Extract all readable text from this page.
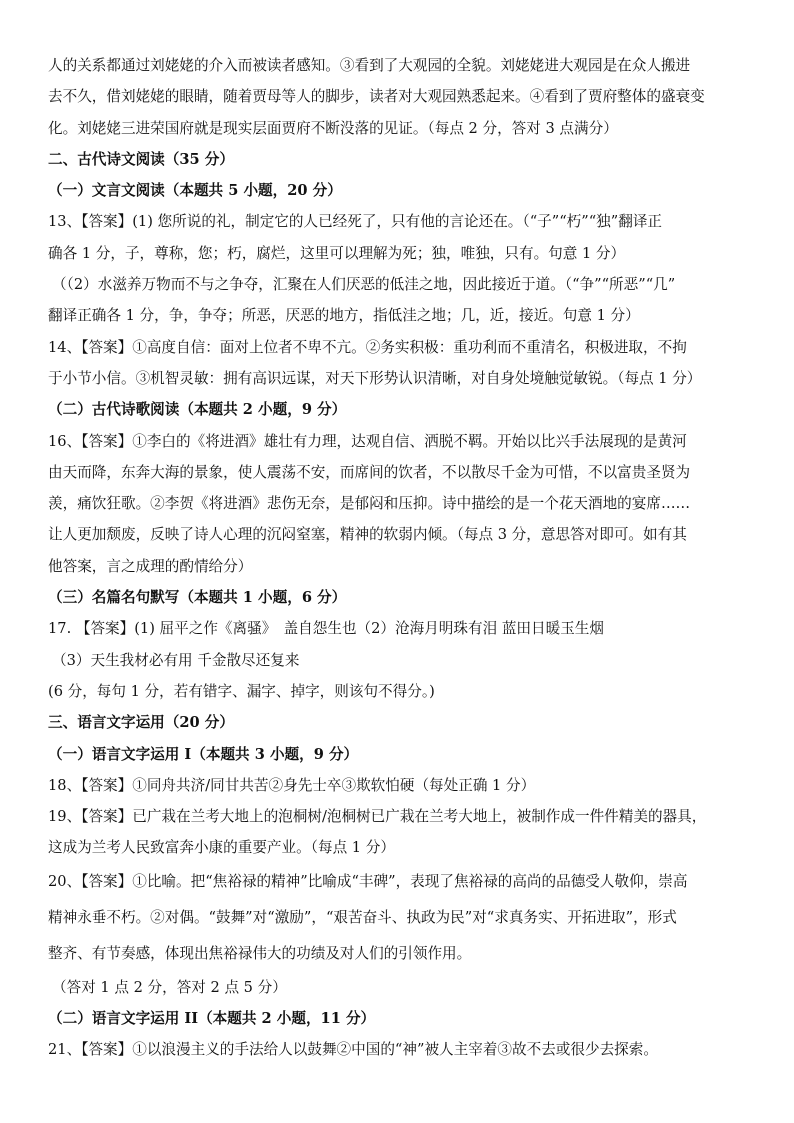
人的关系都通过刘姥姥的介入而被读者感知。③看到了大观园的全貌。刘姥姥进大观园是在众人搬进

去不久，借刘姥姥的眼睛，随着贾母等人的脚步，读者对大观园熟悉起来。④看到了贾府整体的盛衰变

化。刘姥姥三进荣国府就是现实层面贾府不断没落的见证。（每点 2 分，答对 3 点满分）

二、古代诗文阅读（35 分）

（一）文言文阅读（本题共 5 小题，20 分）

13、【答案】(1) 您所说的礼，制定它的人已经死了，只有他的言论还在。（“子”“朽”“独”翻译正

确各 1 分，子，尊称，您；朽，腐烂，这里可以理解为死；独，唯独，只有。句意 1 分）

（（2）水滋养万物而不与之争夺，汇聚在人们厌恶的低洼之地，因此接近于道。（“争”“所恶”“几”

翻译正确各 1 分，争，争夺；所恶，厌恶的地方，指低洼之地；几，近，接近。句意 1 分）

14、【答案】①高度自信：面对上位者不卑不亢。②务实积极：重功利而不重清名，积极进取，不拘

于小节小信。③机智灵敏：拥有高识远谋，对天下形势认识清晰，对自身处境触觉敏锐。（每点 1 分）

（二）古代诗歌阅读（本题共 2 小题，9 分）

16、【答案】①李白的《将进酒》雄壮有力理，达观自信、洒脱不羁。开始以比兴手法展现的是黄河

由天而降，东奔大海的景象，使人震荡不安，而席间的饮者，不以散尽千金为可惜，不以富贵圣贤为

羡，痛饮狂歌。②李贺《将进酒》悲伤无奈，是郁闷和压抑。诗中描绘的是一个花天酒地的宴席……

让人更加颓废，反映了诗人心理的沉闷窒塞，精神的软弱内倾。（每点 3 分，意思答对即可。如有其

他答案，言之成理的酌情给分）

（三）名篇名句默写（本题共 1 小题，6 分）

17. 【答案】(1) 屈平之作《离骚》　盖自怨生也（2）沧海月明珠有泪 蓝田日暖玉生烟

（3）天生我材必有用 千金散尽还复来

(6 分，每句 1 分，若有错字、漏字、掉字，则该句不得分。)

三、语言文字运用（20 分）

（一）语言文字运用 I（本题共 3 小题，9 分）

18、【答案】①同舟共济/同甘共苦②身先士卒③欺软怕硬（每处正确 1 分）

19、【答案】已广栽在兰考大地上的泡桐树/泡桐树已广栽在兰考大地上，被制作成一件件精美的器具，

这成为兰考人民致富奔小康的重要产业。（每点 1 分）

20、【答案】①比喻。把“焦裕禄的精神”比喻成“丰碑”，表现了焦裕禄的高尚的品德受人敬仰，崇高

精神永垂不朽。②对偶。“鼓舞”对“激励”，“艰苦奋斗、执政为民”对“求真务实、开拓进取”，形式

整齐、有节奏感，体现出焦裕禄伟大的功绩及对人们的引领作用。

（答对 1 点 2 分，答对 2 点 5 分）

（二）语言文字运用 II（本题共 2 小题，11 分）

21、【答案】①以浪漫主义的手法给人以鼓舞②中国的“神”被人主宰着③故不去或很少去探索。
